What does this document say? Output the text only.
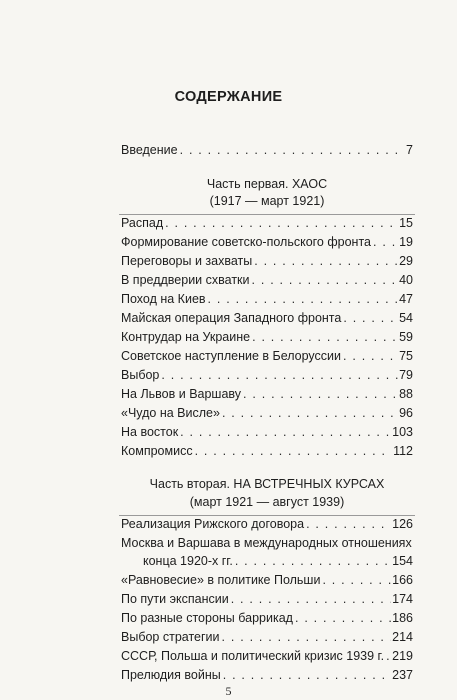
СОДЕРЖАНИЕ
Введение . . .	7
Часть первая. ХАОС
(1917 — март 1921)
Распад . . .	15
Формирование советско-польского фронта . . . 19
Переговоры и захваты . . .	29
В преддверии схватки . . .	40
Поход на Киев . . .	47
Майская операция Западного фронта . . .	54
Контрудар на Украине . . .	59
Советское наступление в Белоруссии . . .	75
Выбор . . .	79
На Львов и Варшаву . . .	88
«Чудо на Висле» . . .	96
На восток . . .	103
Компромисс . . .	112
Часть вторая. НА ВСТРЕЧНЫХ КУРСАХ
(март 1921 — август 1939)
Реализация Рижского договора . . .	126
Москва и Варшава в международных отношениях
конца 1920-х гг. . . .	154
«Равновесие» в политике Польши . . .	166
По пути экспансии . . .	174
По разные стороны баррикад . . .	186
Выбор стратегии . . .	214
СССР, Польша и политический кризис 1939 г. . . . 219
Прелюдия войны . . .	237
5
